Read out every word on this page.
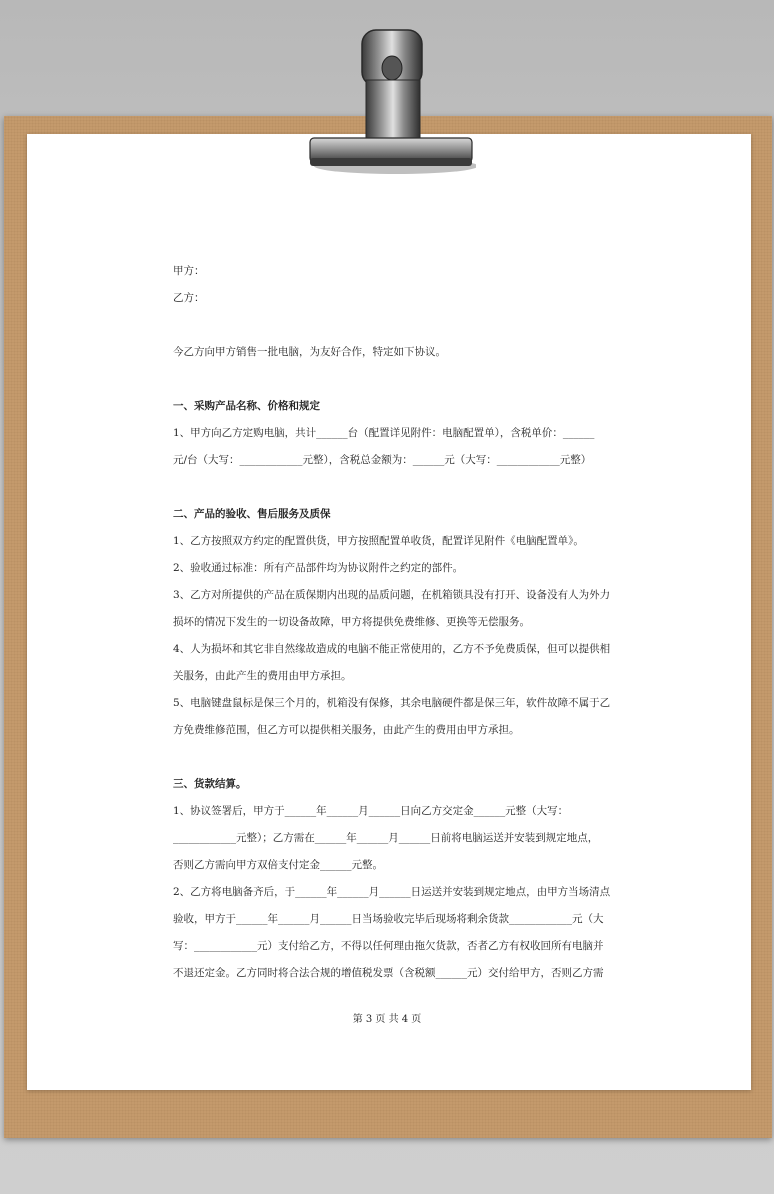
甲方：

乙方：

今乙方向甲方销售一批电脑，为友好合作，特定如下协议。

一、采购产品名称、价格和规定

1、甲方向乙方定购电脑，共计______台（配置详见附件：电脑配置单），含税单价：______

元/台（大写：____________元整），含税总金额为：______元（大写：____________元整）

二、产品的验收、售后服务及质保

1、乙方按照双方约定的配置供货，甲方按照配置单收货，配置详见附件《电脑配置单》。

2、验收通过标准：所有产品部件均为协议附件之约定的部件。

3、乙方对所提供的产品在质保期内出现的品质问题，在机箱锁具没有打开、设备没有人为外力

损坏的情况下发生的一切设备故障，甲方将提供免费维修、更换等无偿服务。

4、人为损坏和其它非自然缘故造成的电脑不能正常使用的，乙方不予免费质保，但可以提供相

关服务，由此产生的费用由甲方承担。

5、电脑键盘鼠标是保三个月的，机箱没有保修，其余电脑硬件都是保三年，软件故障不属于乙

方免费维修范围，但乙方可以提供相关服务，由此产生的费用由甲方承担。

三、货款结算。

1、协议签署后，甲方于______年______月______日向乙方交定金______元整（大写：

____________元整）；乙方需在______年______月______日前将电脑运送并安装到规定地点，

否则乙方需向甲方双倍支付定金______元整。

2、乙方将电脑备齐后，于______年______月______日运送并安装到规定地点，由甲方当场清点

验收，甲方于______年______月______日当场验收完毕后现场将剩余货款____________元（大

写：____________元）支付给乙方，不得以任何理由拖欠货款，否者乙方有权收回所有电脑并

不退还定金。乙方同时将合法合规的增值税发票（含税额______元）交付给甲方，否则乙方需

第 3 页 共 4 页
